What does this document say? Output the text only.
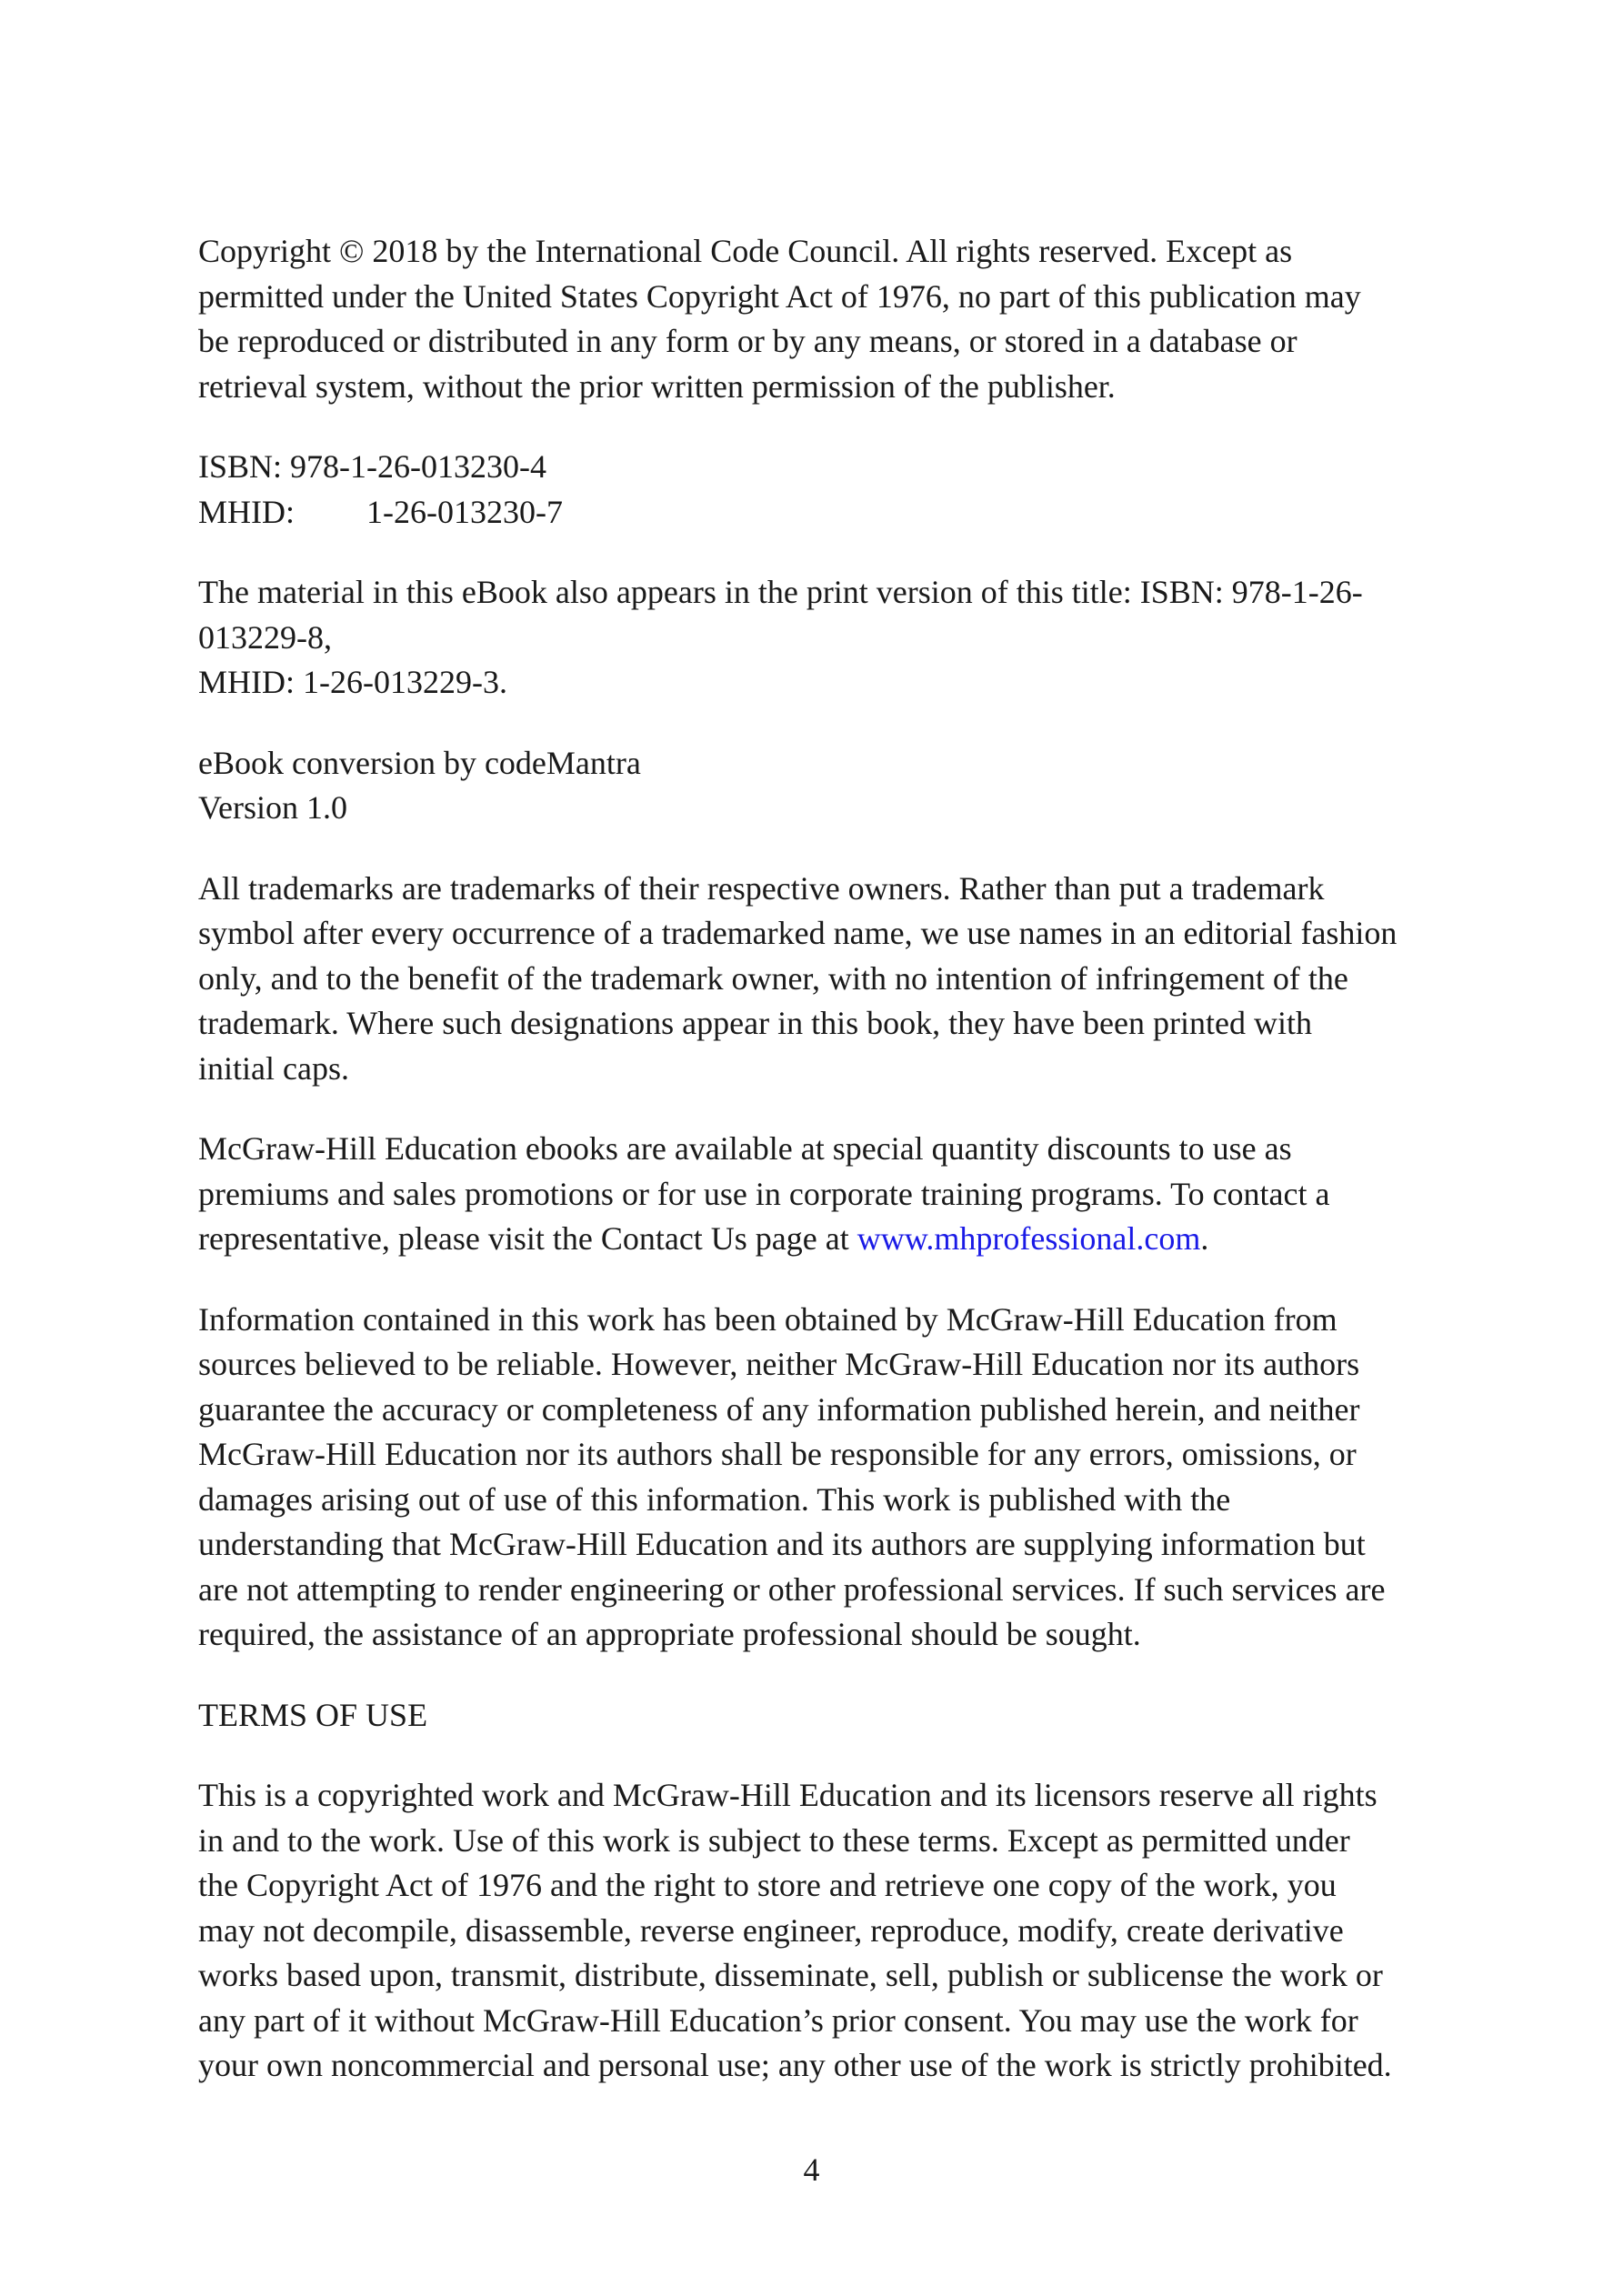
Copyright © 2018 by the International Code Council. All rights reserved. Except as
permitted under the United States Copyright Act of 1976, no part of this publication may
be reproduced or distributed in any form or by any means, or stored in a database or
retrieval system, without the prior written permission of the publisher.

ISBN: 978-1-26-013230-4
MHID: 1-26-013230-7

The material in this eBook also appears in the print version of this title: ISBN: 978-1-26-
013229-8,
MHID: 1-26-013229-3.

eBook conversion by codeMantra
Version 1.0

All trademarks are trademarks of their respective owners. Rather than put a trademark
symbol after every occurrence of a trademarked name, we use names in an editorial fashion
only, and to the benefit of the trademark owner, with no intention of infringement of the
trademark. Where such designations appear in this book, they have been printed with
initial caps.

McGraw-Hill Education ebooks are available at special quantity discounts to use as
premiums and sales promotions or for use in corporate training programs. To contact a
representative, please visit the Contact Us page at www.mhprofessional.com.

Information contained in this work has been obtained by McGraw-Hill Education from
sources believed to be reliable. However, neither McGraw-Hill Education nor its authors
guarantee the accuracy or completeness of any information published herein, and neither
McGraw-Hill Education nor its authors shall be responsible for any errors, omissions, or
damages arising out of use of this information. This work is published with the
understanding that McGraw-Hill Education and its authors are supplying information but
are not attempting to render engineering or other professional services. If such services are
required, the assistance of an appropriate professional should be sought.

TERMS OF USE

This is a copyrighted work and McGraw-Hill Education and its licensors reserve all rights
in and to the work. Use of this work is subject to these terms. Except as permitted under
the Copyright Act of 1976 and the right to store and retrieve one copy of the work, you
may not decompile, disassemble, reverse engineer, reproduce, modify, create derivative
works based upon, transmit, distribute, disseminate, sell, publish or sublicense the work or
any part of it without McGraw-Hill Education’s prior consent. You may use the work for
your own noncommercial and personal use; any other use of the work is strictly prohibited.

4
